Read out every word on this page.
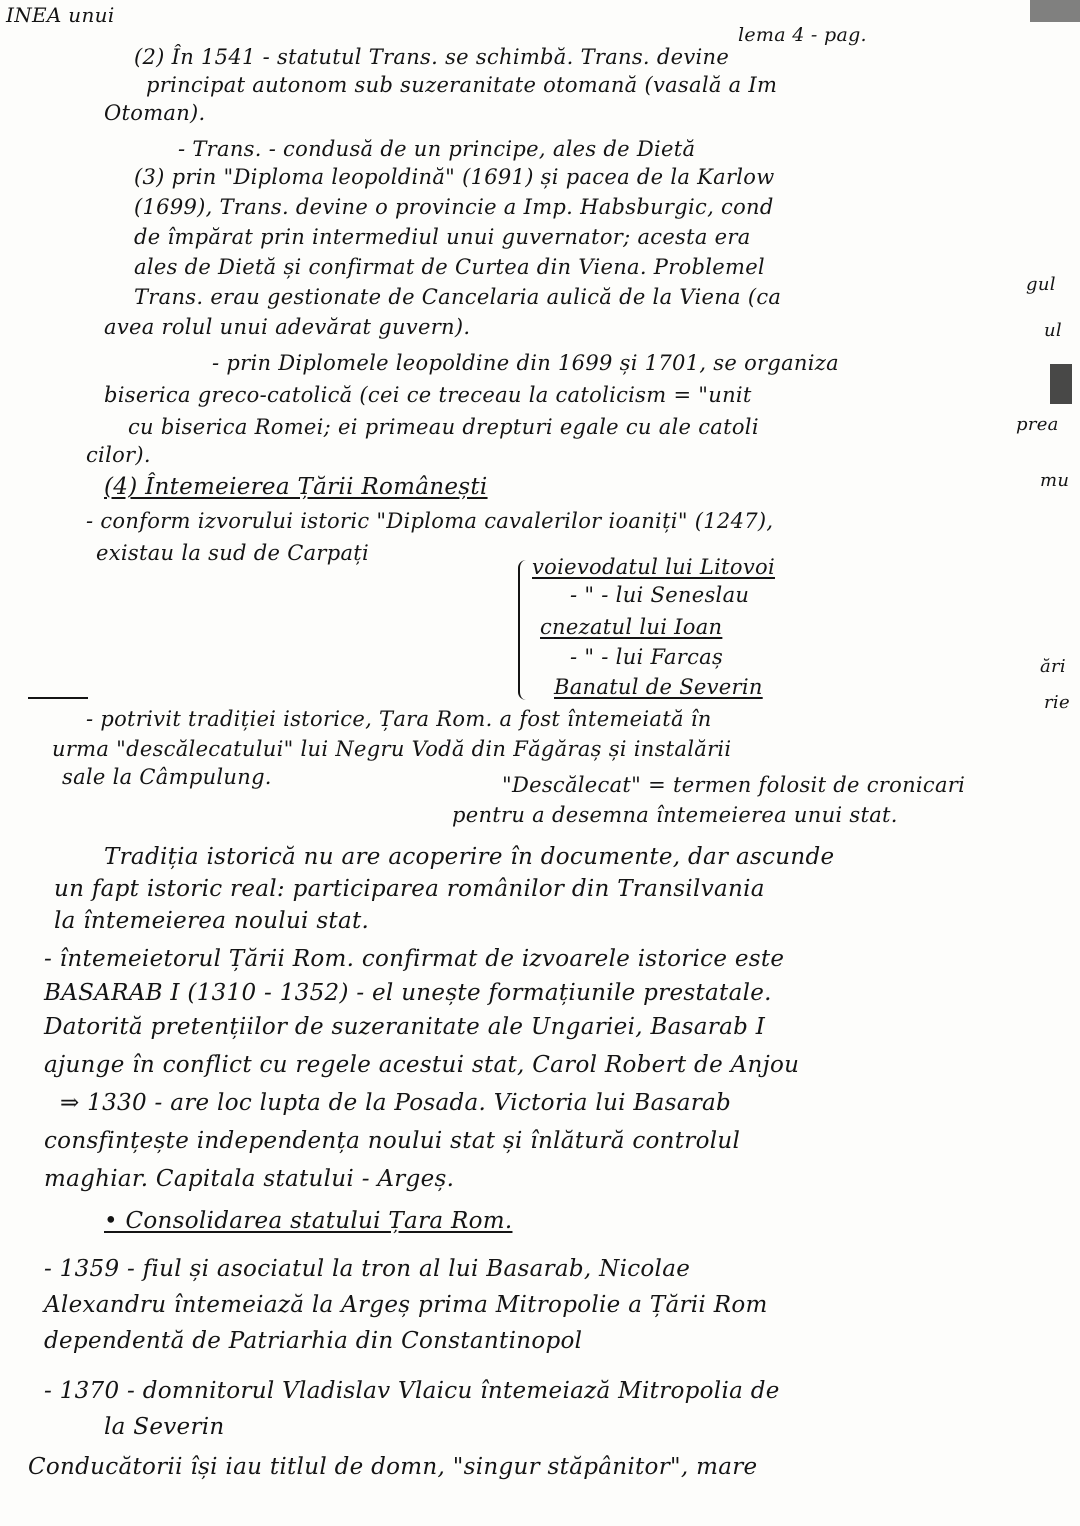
INEA unui
lema 4 - pag.
(2) În 1541 - statutul Trans. se schimbă. Trans. devine
principat autonom sub suzeranitate otomană (vasală a Im
Otoman).
- Trans. - condusă de un principe, ales de Dietă
(3) prin "Diploma leopoldină" (1691) și pacea de la Karlow
(1699), Trans. devine o provincie a Imp. Habsburgic, cond
de împărat prin intermediul unui guvernator; acesta era
ales de Dietă și confirmat de Curtea din Viena. Problemel
Trans. erau gestionate de Cancelaria aulică de la Viena (ca
avea rolul unui adevărat guvern).
- prin Diplomele leopoldine din 1699 și 1701, se organiza
biserica greco-catolică (cei ce treceau la catolicism = "unit
cu biserica Romei; ei primeau drepturi egale cu ale catoli
cilor).
(4) Întemeierea Țării Românești
- conform izvorului istoric "Diploma cavalerilor ioaniți" (1247),
existau la sud de Carpați
voievodatul lui Litovoi
- " - lui Seneslau
cnezatul lui Ioan
- " - lui Farcaș
Banatul de Severin
- potrivit tradiției istorice, Țara Rom. a fost întemeiată în
urma "descălecatului" lui Negru Vodă din Făgăraș și instalării
sale la Câmpulung.	"Descălecat" = termen folosit de cronicari
pentru a desemna întemeierea unui stat.
Tradiția istorică nu are acoperire în documente, dar ascunde
un fapt istoric real: participarea românilor din Transilvania
la întemeierea noului stat.
- întemeietorul Țării Rom. confirmat de izvoarele istorice este
BASARAB I (1310 - 1352) - el unește formațiunile prestatale.
Datorită pretențiilor de suzeranitate ale Ungariei, Basarab I
ajunge în conflict cu regele acestui stat, Carol Robert de Anjou
⇒ 1330 - are loc lupta de la Posada. Victoria lui Basarab
consfințește independența noului stat și înlătură controlul
maghiar. Capitala statului - Argeș.
• Consolidarea statului Țara Rom.
- 1359 - fiul și asociatul la tron al lui Basarab, Nicolae
Alexandru întemeiază la Argeș prima Mitropolie a Țării Rom
dependentă de Patriarhia din Constantinopol
- 1370 - domnitorul Vladislav Vlaicu întemeiază Mitropolia de
la Severin
Conducătorii își iau titlul de domn, "singur stăpânitor", mare
gul
ul
prea
mu
ări
rie
